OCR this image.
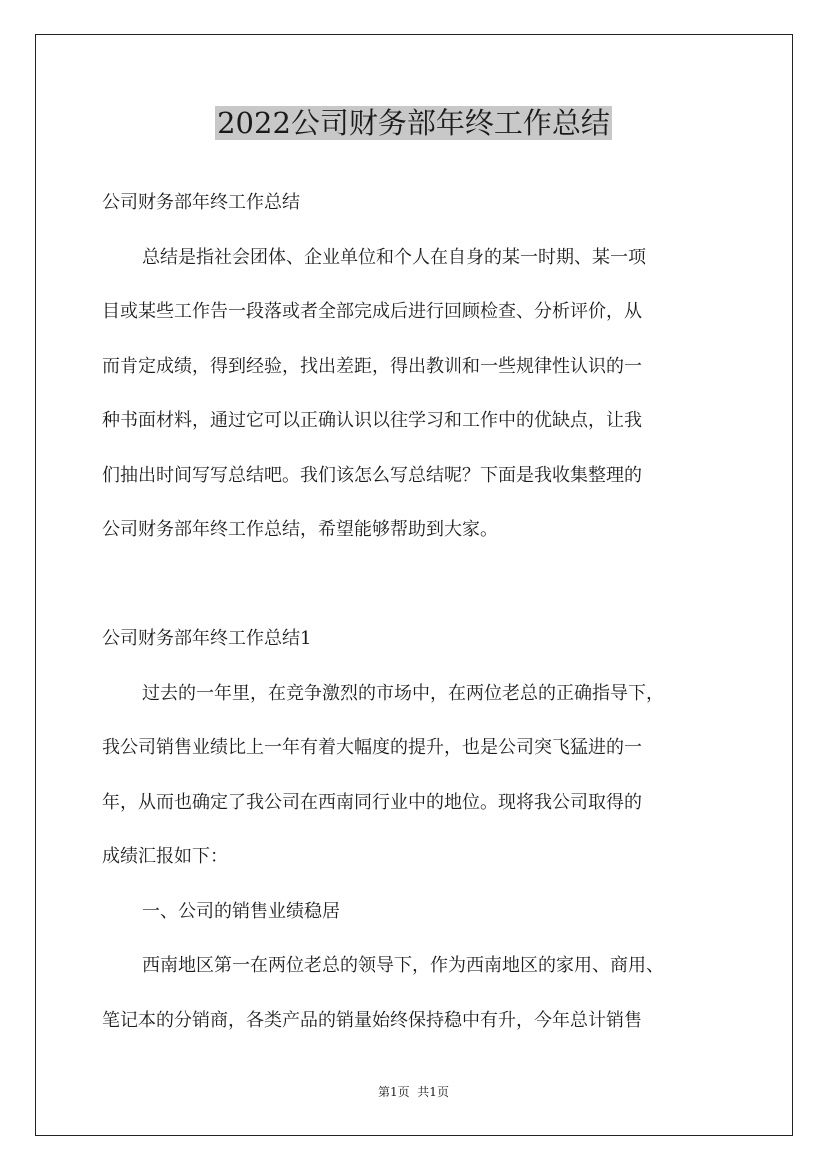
2022公司财务部年终工作总结

公司财务部年终工作总结

总结是指社会团体、企业单位和个人在自身的某一时期、某一项

目或某些工作告一段落或者全部完成后进行回顾检查、分析评价，从

而肯定成绩，得到经验，找出差距，得出教训和一些规律性认识的一

种书面材料，通过它可以正确认识以往学习和工作中的优缺点，让我

们抽出时间写写总结吧。我们该怎么写总结呢？下面是我收集整理的

公司财务部年终工作总结，希望能够帮助到大家。

公司财务部年终工作总结1

过去的一年里，在竞争激烈的市场中，在两位老总的正确指导下，

我公司销售业绩比上一年有着大幅度的提升，也是公司突飞猛进的一

年，从而也确定了我公司在西南同行业中的地位。现将我公司取得的

成绩汇报如下：

一、公司的销售业绩稳居

西南地区第一在两位老总的领导下，作为西南地区的家用、商用、

笔记本的分销商，各类产品的销量始终保持稳中有升，今年总计销售

第1页  共1页
